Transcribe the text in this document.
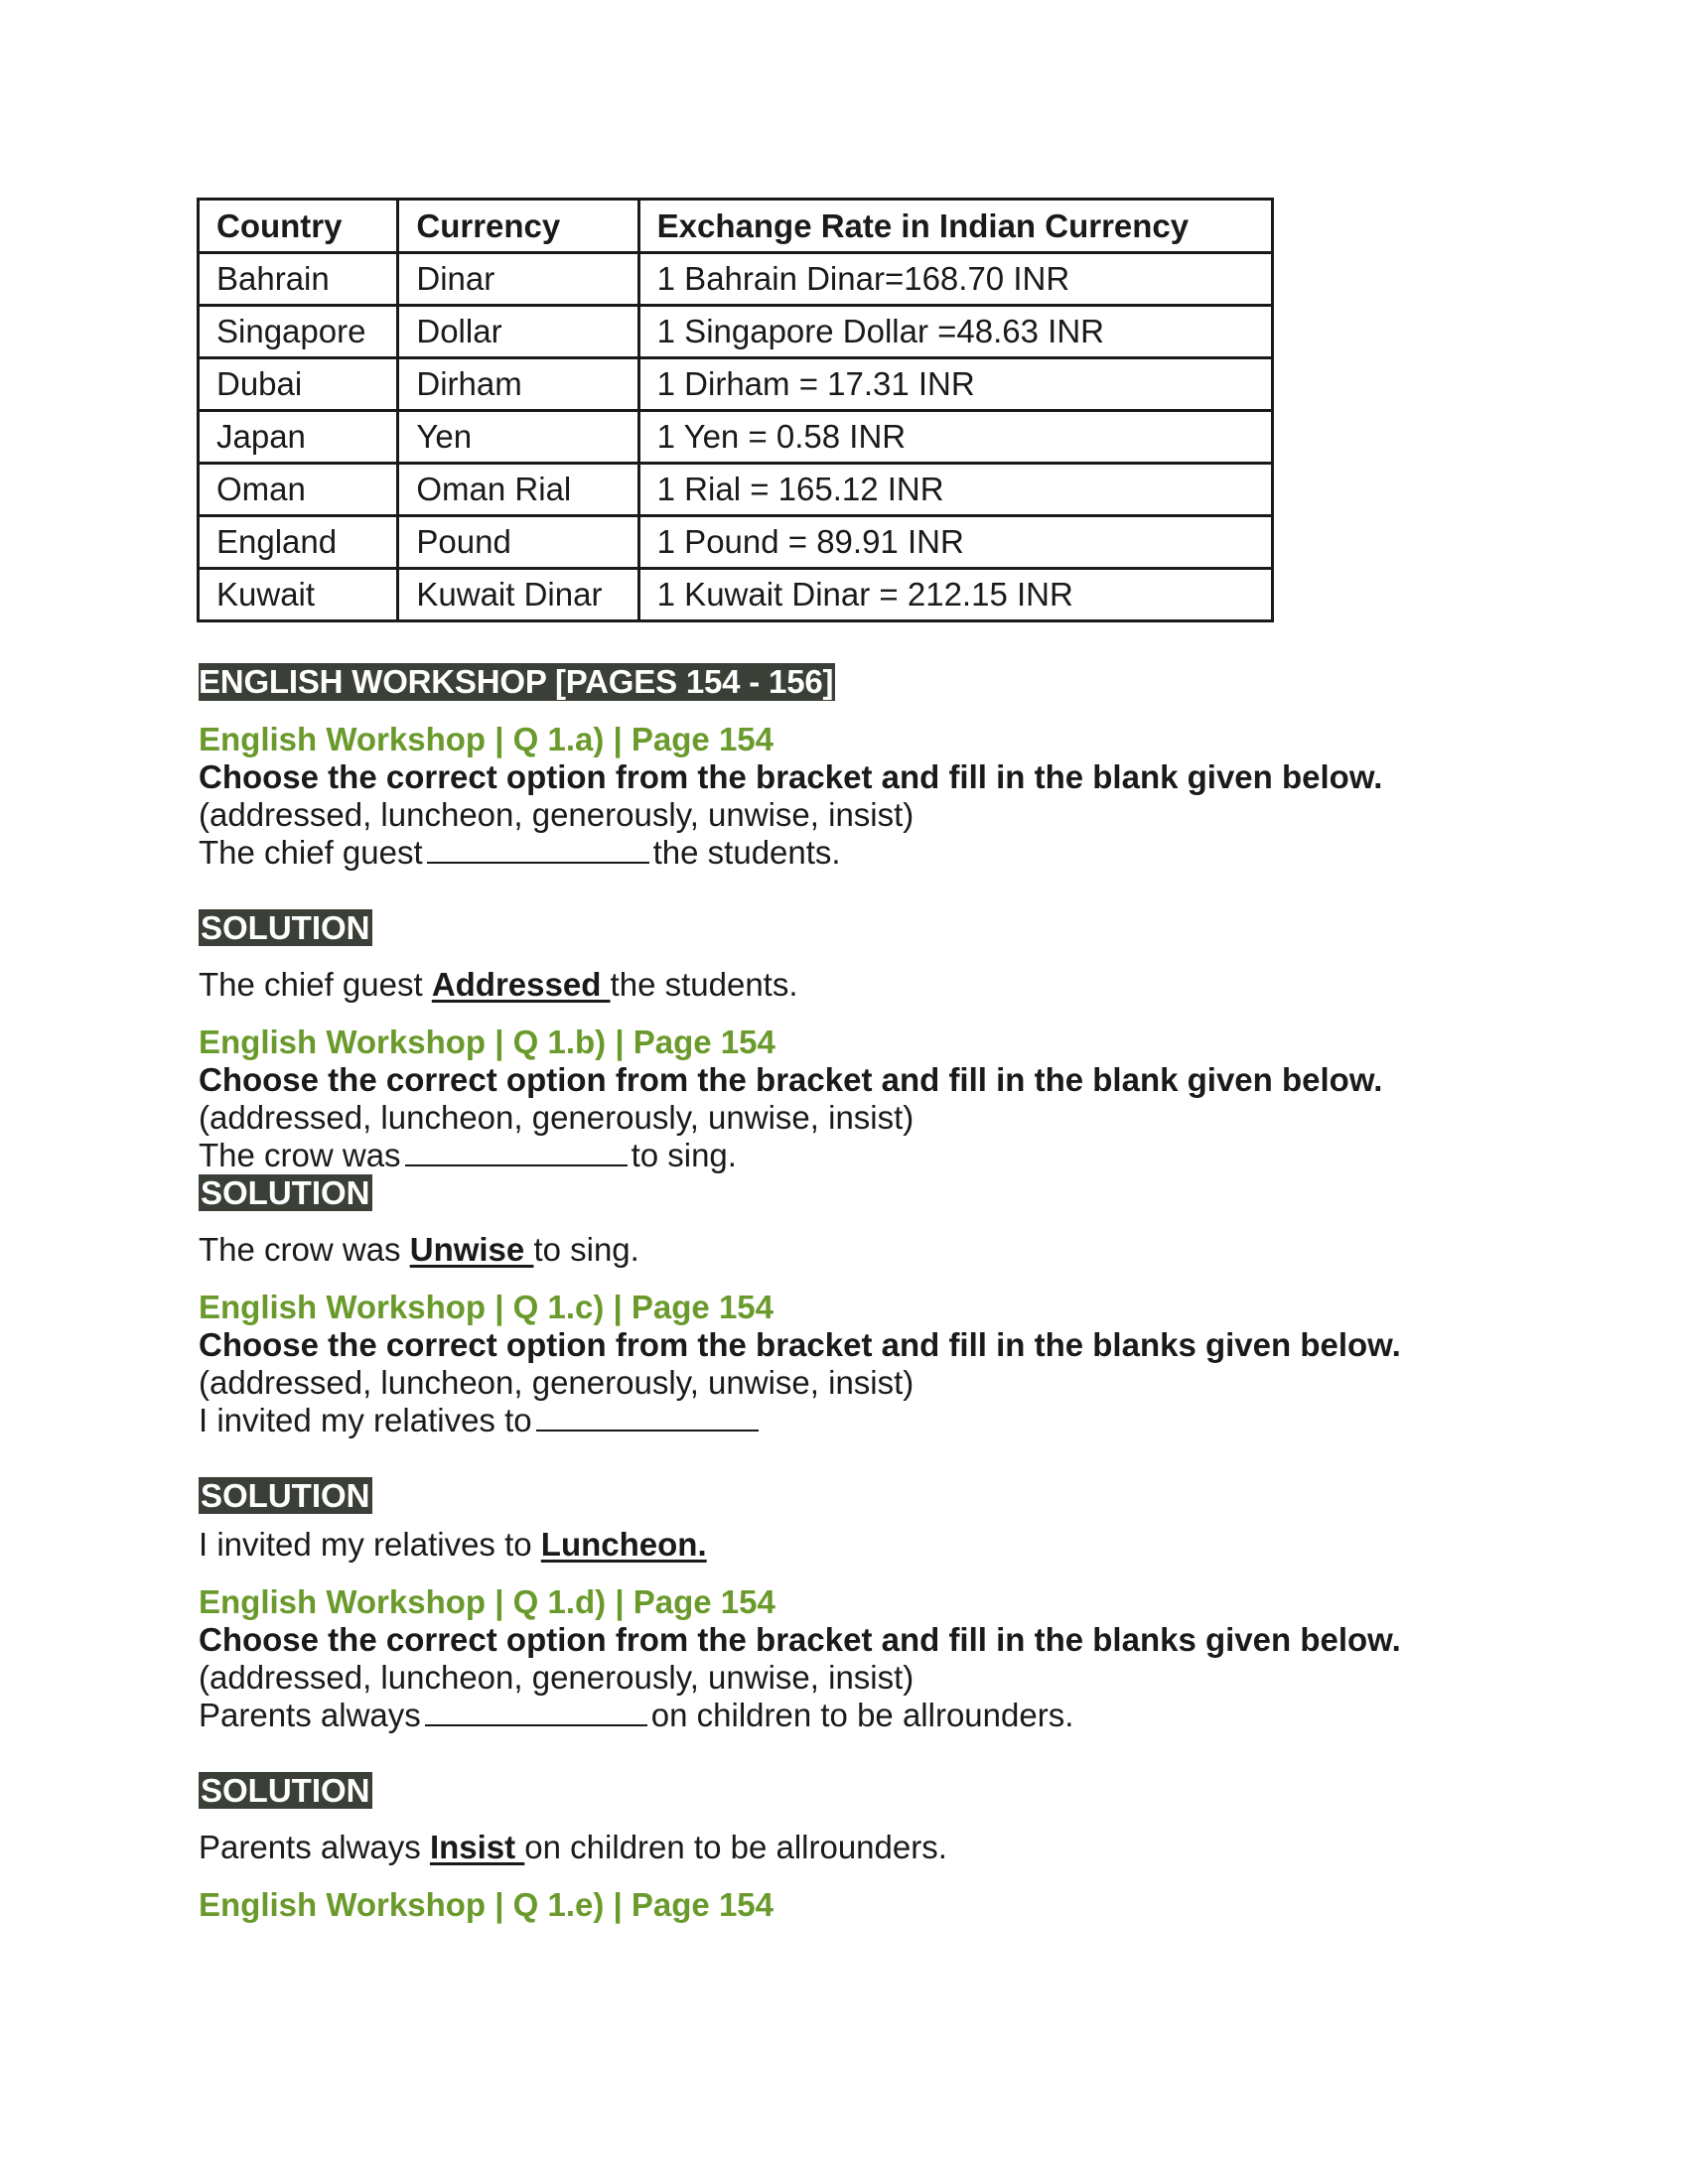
Country	Currency	Exchange Rate in Indian Currency
Bahrain	Dinar	1 Bahrain Dinar=168.70 INR
Singapore	Dollar	1 Singapore Dollar =48.63 INR
Dubai	Dirham	1 Dirham = 17.31 INR
Japan	Yen	1 Yen = 0.58 INR
Oman	Oman Rial	1 Rial = 165.12 INR
England	Pound	1 Pound = 89.91 INR
Kuwait	Kuwait Dinar	1 Kuwait Dinar = 212.15 INR
ENGLISH WORKSHOP [PAGES 154 - 156]
English Workshop | Q 1.a) | Page 154
Choose the correct option from the bracket and fill in the blank given below.
(addressed, luncheon, generously, unwise, insist)
The chief guest	the students.
SOLUTION
The chief guest Addressed the students.
English Workshop | Q 1.b) | Page 154
Choose the correct option from the bracket and fill in the blank given below.
(addressed, luncheon, generously, unwise, insist)
The crow was	to sing.
SOLUTION
The crow was Unwise to sing.
English Workshop | Q 1.c) | Page 154
Choose the correct option from the bracket and fill in the blanks given below.
(addressed, luncheon, generously, unwise, insist)
I invited my relatives to
SOLUTION
I invited my relatives to Luncheon.
English Workshop | Q 1.d) | Page 154
Choose the correct option from the bracket and fill in the blanks given below.
(addressed, luncheon, generously, unwise, insist)
Parents always	on children to be allrounders.
SOLUTION
Parents always Insist on children to be allrounders.
English Workshop | Q 1.e) | Page 154
